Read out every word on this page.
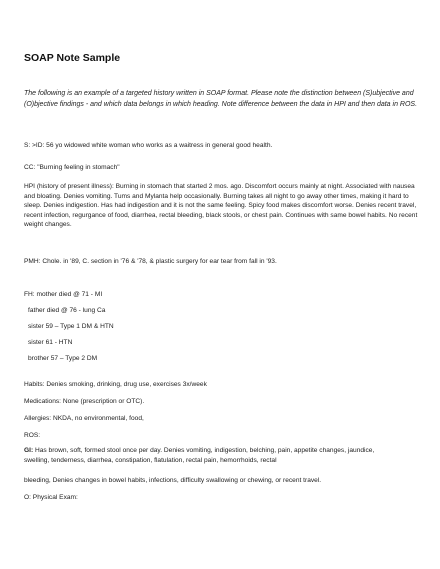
SOAP Note Sample
The following is an example of a targeted history written in SOAP format. Please note the distinction between (S)ubjective and (O)bjective findings - and which data belongs in which heading. Note difference between the data in HPI and then data in ROS.
S: >ID: 56 yo widowed white woman who works as a waitress in general good health.
CC: "Burning feeling in stomach"
HPI (history of present illness): Burning in stomach that started 2 mos. ago. Discomfort occurs mainly at night. Associated with nausea and bloating. Denies vomiting. Tums and Mylanta help occasionally. Burning takes all night to go away other times, making it hard to sleep. Denies indigestion. Has had indigestion and it is not the same feeling. Spicy food makes discomfort worse. Denies recent travel, recent infection, regurgance of food, diarrhea, rectal bleeding, black stools, or chest pain. Continues with same bowel habits. No recent weight changes.
PMH: Chole. in '89, C. section in '76 & '78, & plastic surgery for ear tear from fall in '93.
FH: mother died @ 71 - MI
father died @ 76 - lung Ca
sister 59 – Type 1 DM & HTN
sister 61 - HTN
brother 57 – Type 2 DM
Habits: Denies smoking, drinking, drug use, exercises 3x/week
Medications: None (prescription or OTC).
Allergies: NKDA, no environmental, food,
ROS:
GI: Has brown, soft, formed stool once per day. Denies vomiting, indigestion, belching, pain, appetite changes, jaundice, swelling, tenderness, diarrhea, constipation, flatulation, rectal pain, hemorrhoids, rectal
bleeding, Denies changes in bowel habits, infections, difficulty swallowing or chewing, or recent travel.
O: Physical Exam:
